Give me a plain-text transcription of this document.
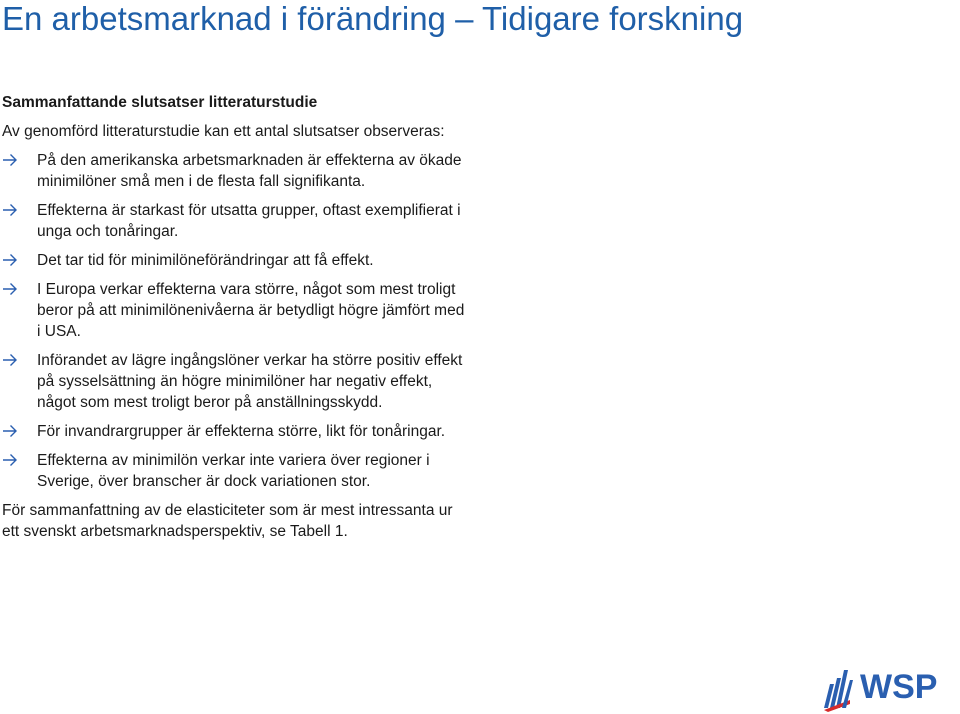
En arbetsmarknad i förändring – Tidigare forskning

Sammanfattande slutsatser litteraturstudie

Av genomförd litteraturstudie kan ett antal slutsatser observeras:

På den amerikanska arbetsmarknaden är effekterna av ökade minimilöner små men i de flesta fall signifikanta.
Effekterna är starkast för utsatta grupper, oftast exemplifierat i unga och tonåringar.
Det tar tid för minimilöneförändringar att få effekt.
I Europa verkar effekterna vara större, något som mest troligt beror på att minimilönenivåerna är betydligt högre jämfört med i USA.
Införandet av lägre ingångslöner verkar ha större positiv effekt på sysselsättning än högre minimilöner har negativ effekt, något som mest troligt beror på anställningsskydd.
För invandrargrupper är effekterna större, likt för tonåringar.
Effekterna av minimilön verkar inte variera över regioner i Sverige, över branscher är dock variationen stor.

För sammanfattning av de elasticiteter som är mest intressanta ur ett svenskt arbetsmarknadsperspektiv, se Tabell 1.

WSP
